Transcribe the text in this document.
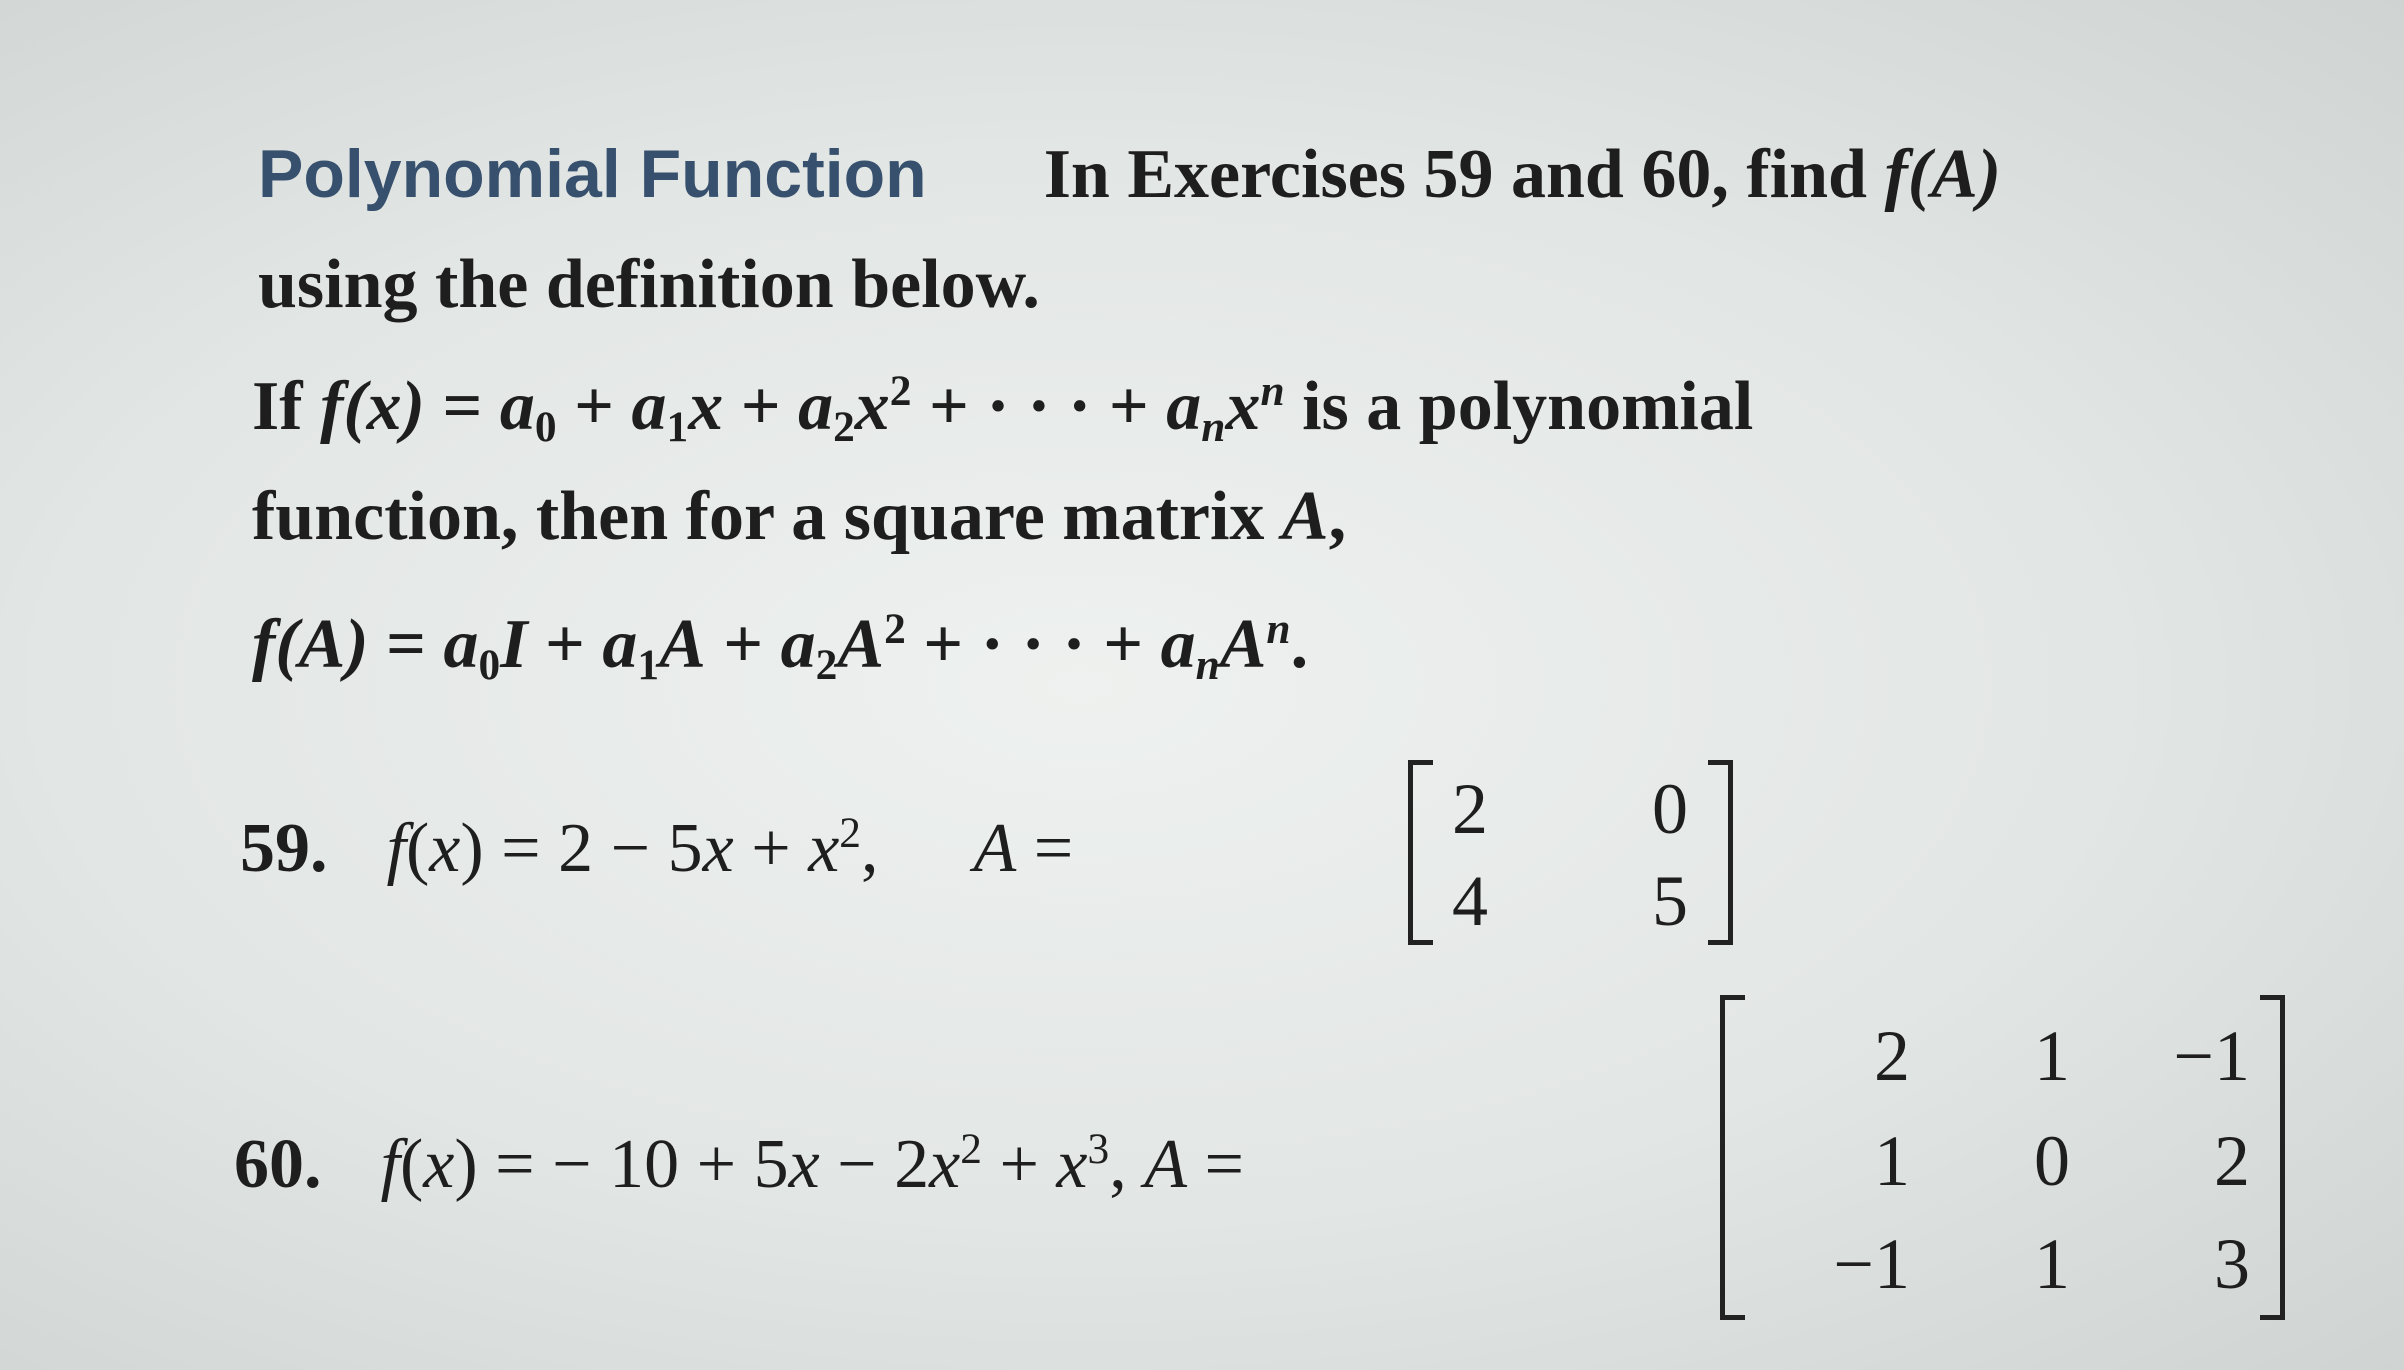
Polynomial Function In Exercises 59 and 60, find f(A)
using the definition below.
If $f(x) = a_0 + a_1x + a_2x^2$ + · · · + $a_nx^n$ is a polynomial
function, then for a square matrix A,
$f(A) = a_0I + a_1A + a_2A^2$ + · · · + $a_nA^n$.
59. $f(x) = 2 - 5x + x^2$, A =	2	0
4	5
60. f(x) = − $10 + 5x - 2x^2 + x^3$, A =
2	1	−1
1	0	2
−1	1	3
